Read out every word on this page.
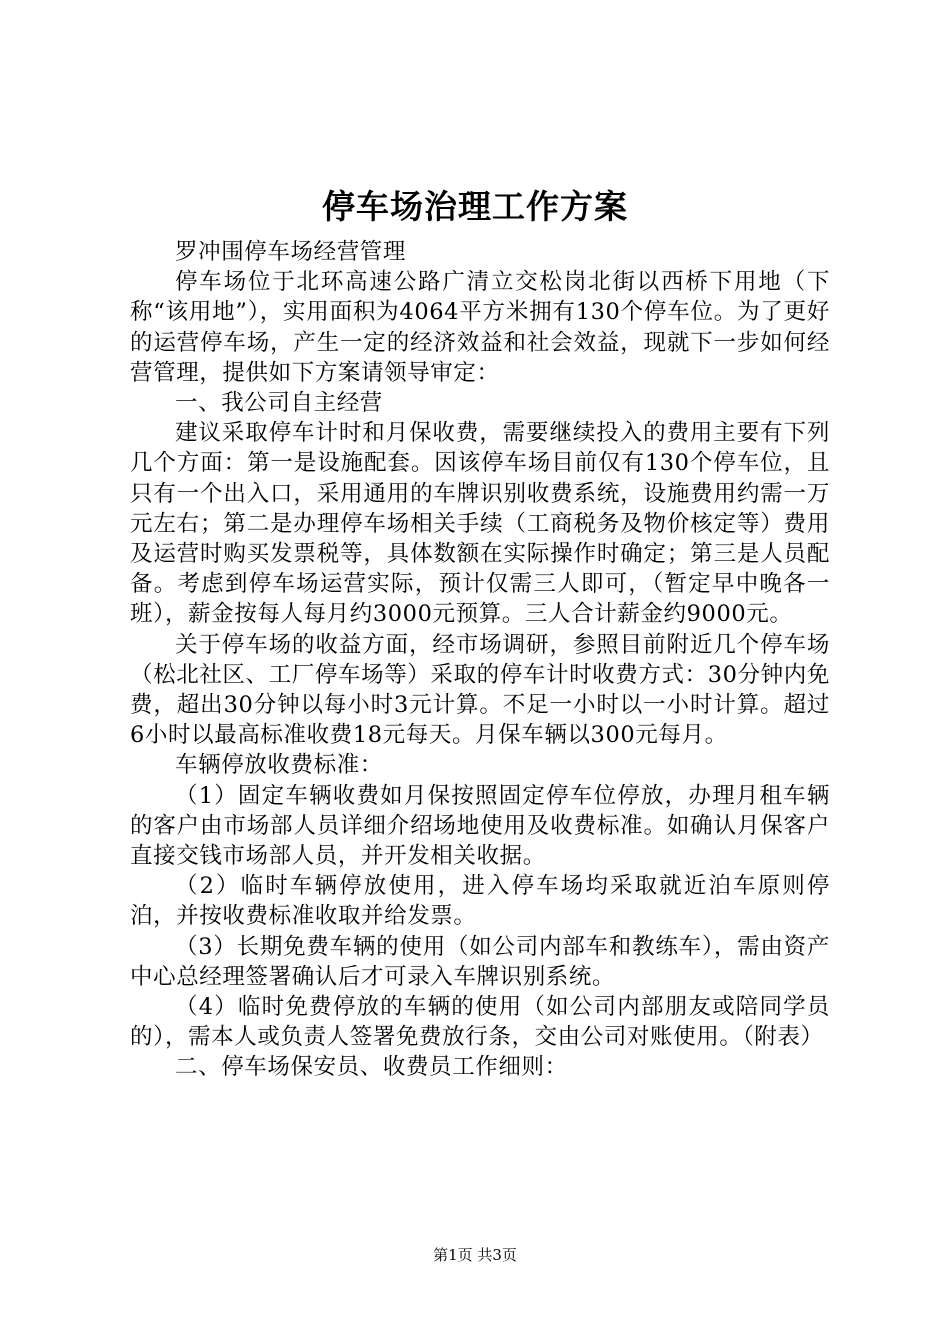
停车场治理工作方案

罗冲围停车场经营管理

停车场位于北环高速公路广清立交松岗北街以西桥下用地（下称“该用地”），实用面积为4064平方米拥有130个停车位。为了更好的运营停车场，产生一定的经济效益和社会效益，现就下一步如何经营管理，提供如下方案请领导审定：

一、我公司自主经营

建议采取停车计时和月保收费，需要继续投入的费用主要有下列几个方面：第一是设施配套。因该停车场目前仅有130个停车位，且只有一个出入口，采用通用的车牌识别收费系统，设施费用约需一万元左右；第二是办理停车场相关手续（工商税务及物价核定等）费用及运营时购买发票税等，具体数额在实际操作时确定；第三是人员配备。考虑到停车场运营实际，预计仅需三人即可，（暂定早中晚各一班），薪金按每人每月约3000元预算。三人合计薪金约9000元。

关于停车场的收益方面，经市场调研，参照目前附近几个停车场（松北社区、工厂停车场等）采取的停车计时收费方式：30分钟内免费，超出30分钟以每小时3元计算。不足一小时以一小时计算。超过6小时以最高标准收费18元每天。月保车辆以300元每月。

车辆停放收费标准：

（1）固定车辆收费如月保按照固定停车位停放，办理月租车辆的客户由市场部人员详细介绍场地使用及收费标准。如确认月保客户直接交钱市场部人员，并开发相关收据。

（2）临时车辆停放使用，进入停车场均采取就近泊车原则停泊，并按收费标准收取并给发票。

（3）长期免费车辆的使用（如公司内部车和教练车），需由资产中心总经理签署确认后才可录入车牌识别系统。

（4）临时免费停放的车辆的使用（如公司内部朋友或陪同学员的），需本人或负责人签署免费放行条，交由公司对账使用。（附表）

二、停车场保安员、收费员工作细则：

第1页 共3页
